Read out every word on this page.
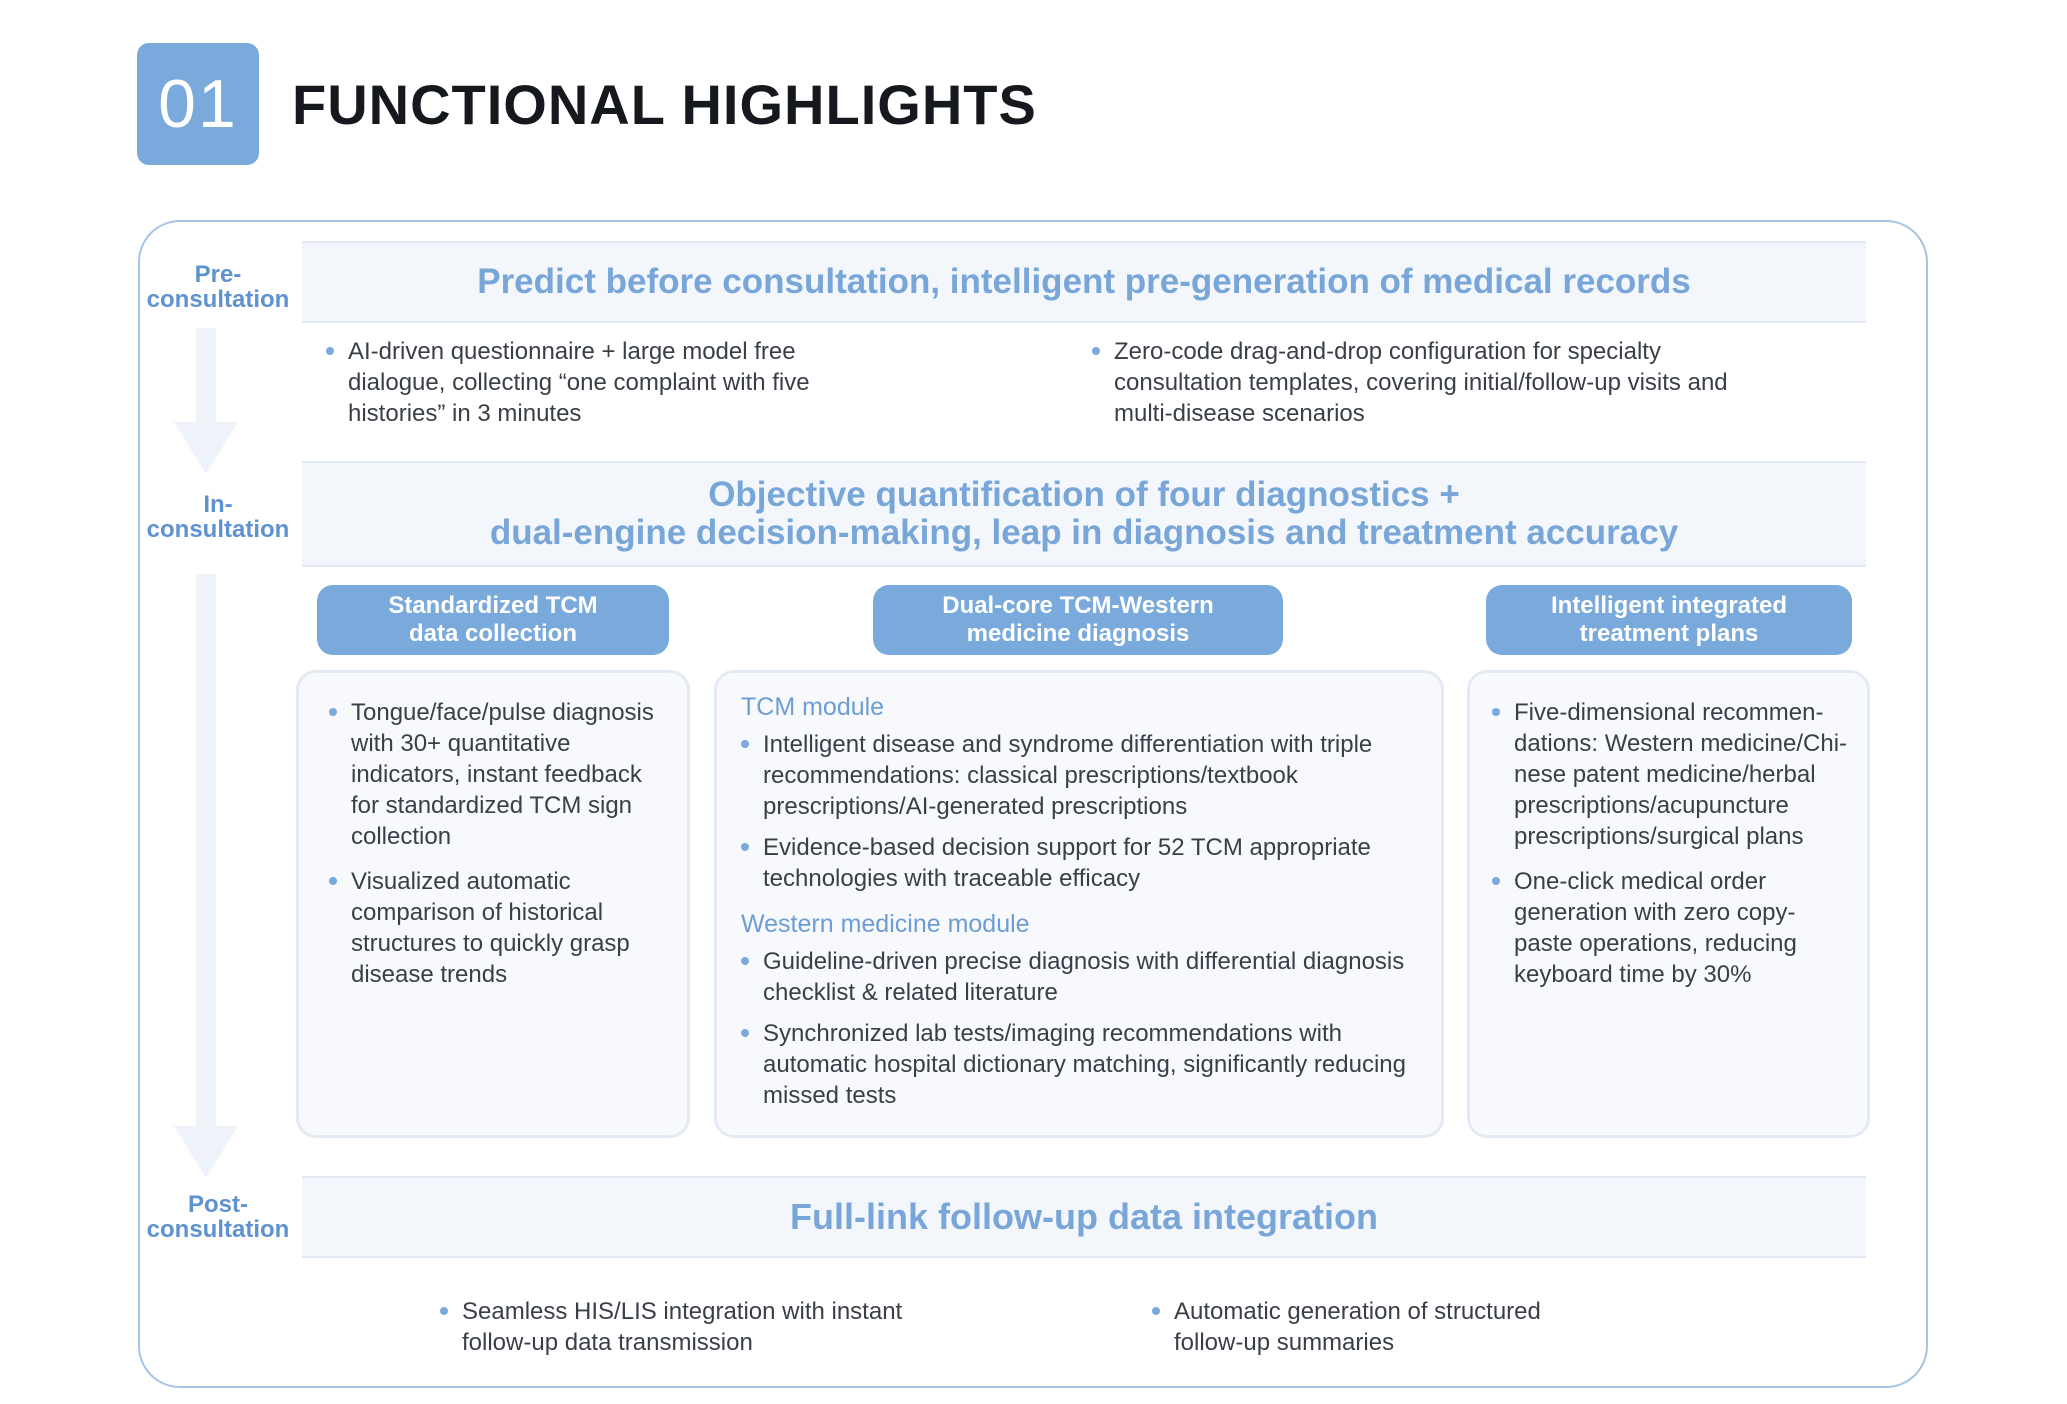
01 FUNCTIONAL HIGHLIGHTS
Pre-
consultation
In-
consultation
Post-
consultation
Predict before consultation, intelligent pre-generation of medical records
AI-driven questionnaire + large model free dialogue, collecting “one complaint with five histories” in 3 minutes
Zero-code drag-and-drop configuration for specialty consultation templates, covering initial/follow-up visits and multi-disease scenarios
Objective quantification of four diagnostics +
dual-engine decision-making, leap in diagnosis and treatment accuracy
Standardized TCM
data collection
Dual-core TCM-Western
medicine diagnosis
Intelligent integrated
treatment plans
Tongue/face/pulse diagnosis with 30+ quantitative indicators, instant feedback for standardized TCM sign collection
Visualized automatic comparison of historical structures to quickly grasp disease trends
TCM module
Intelligent disease and syndrome differentiation with triple recommendations: classical prescriptions/textbook prescriptions/AI-generated prescriptions
Evidence-based decision support for 52 TCM appropriate technologies with traceable efficacy
Western medicine module
Guideline-driven precise diagnosis with differential diagnosis checklist & related literature
Synchronized lab tests/imaging recommendations with automatic hospital dictionary matching, significantly reducing missed tests
Five-dimensional recommen-dations: Western medicine/Chi-nese patent medicine/herbal prescriptions/acupuncture prescriptions/surgical plans
One-click medical order generation with zero copy-paste operations, reducing keyboard time by 30%
Full-link follow-up data integration
Seamless HIS/LIS integration with instant follow-up data transmission
Automatic generation of structured follow-up summaries
